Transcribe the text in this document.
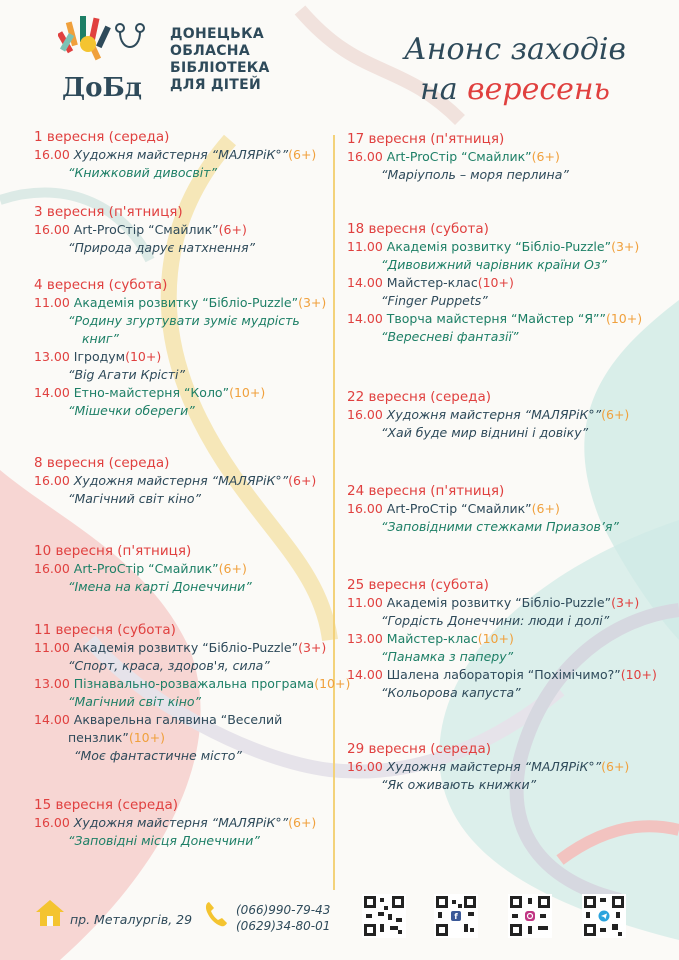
ДоБд
ДОНЕЦЬКА
ОБЛАСНА
БІБЛІОТЕКА
ДЛЯ ДІТЕЙ
Анонс заходів
на вересень
1 вересня (середа)
16.00 Художня майстерня “МАЛЯРіК°”(6+)
“Книжковий дивосвіт”
3 вересня (п'ятниця)
16.00 Art-ProСтір “Смайлик”(6+)
“Природа дарує натхнення”
4 вересня (субота)
11.00 Академія розвитку “Бібліо-Puzzle”(3+)
“Родину згуртувати зуміє мудрість
книг”
13.00 Ігродум(10+)
“Big Агати Крісті”
14.00 Етно-майстерня “Коло”(10+)
“Мішечки обереги”
8 вересня (середа)
16.00 Художня майстерня “МАЛЯРіК°”(6+)
“Магічний світ кіно”
10 вересня (п'ятниця)
16.00 Art-ProСтір “Смайлик”(6+)
“Імена на карті Донеччини”
11 вересня (субота)
11.00 Академія розвитку “Бібліо-Puzzle”(3+)
“Спорт, краса, здоров'я, сила”
13.00 Пізнавально-розважальна програма(10+)
“Магічний світ кіно”
14.00 Акварельна галявина “Веселий
пензлик”(10+)
“Моє фантастичне місто”
15 вересня (середа)
16.00 Художня майстерня “МАЛЯРіК°”(6+)
“Заповідні місця Донеччини”
17 вересня (п'ятниця)
16.00 Art-ProСтір “Смайлик”(6+)
“Маріуполь – моря перлина”
18 вересня (субота)
11.00 Академія розвитку “Бібліо-Puzzle”(3+)
“Дивовижний чарівник країни Оз”
14.00 Майстер-клас(10+)
“Finger Puppets”
14.00 Творча майстерня “Майстер “Я””(10+)
“Вересневі фантазії”
22 вересня (середа)
16.00 Художня майстерня “МАЛЯРіК°”(6+)
“Хай буде мир віднині і довіку”
24 вересня (п'ятниця)
16.00 Art-ProСтір “Смайлик”(6+)
“Заповідними стежками Приазов’я”
25 вересня (субота)
11.00 Академія розвитку “Бібліо-Puzzle”(3+)
“Гордість Донеччини: люди і долі”
13.00 Майстер-клас(10+)
“Панамка з паперу”
14.00 Шалена лабораторія “Похімічимо?”(10+)
“Кольорова капуста”
29 вересня (середа)
16.00 Художня майстерня “МАЛЯРіК°”(6+)
“Як оживають книжки”
пр. Металургів, 29
(066)990-79-43
(0629)34-80-01
f
